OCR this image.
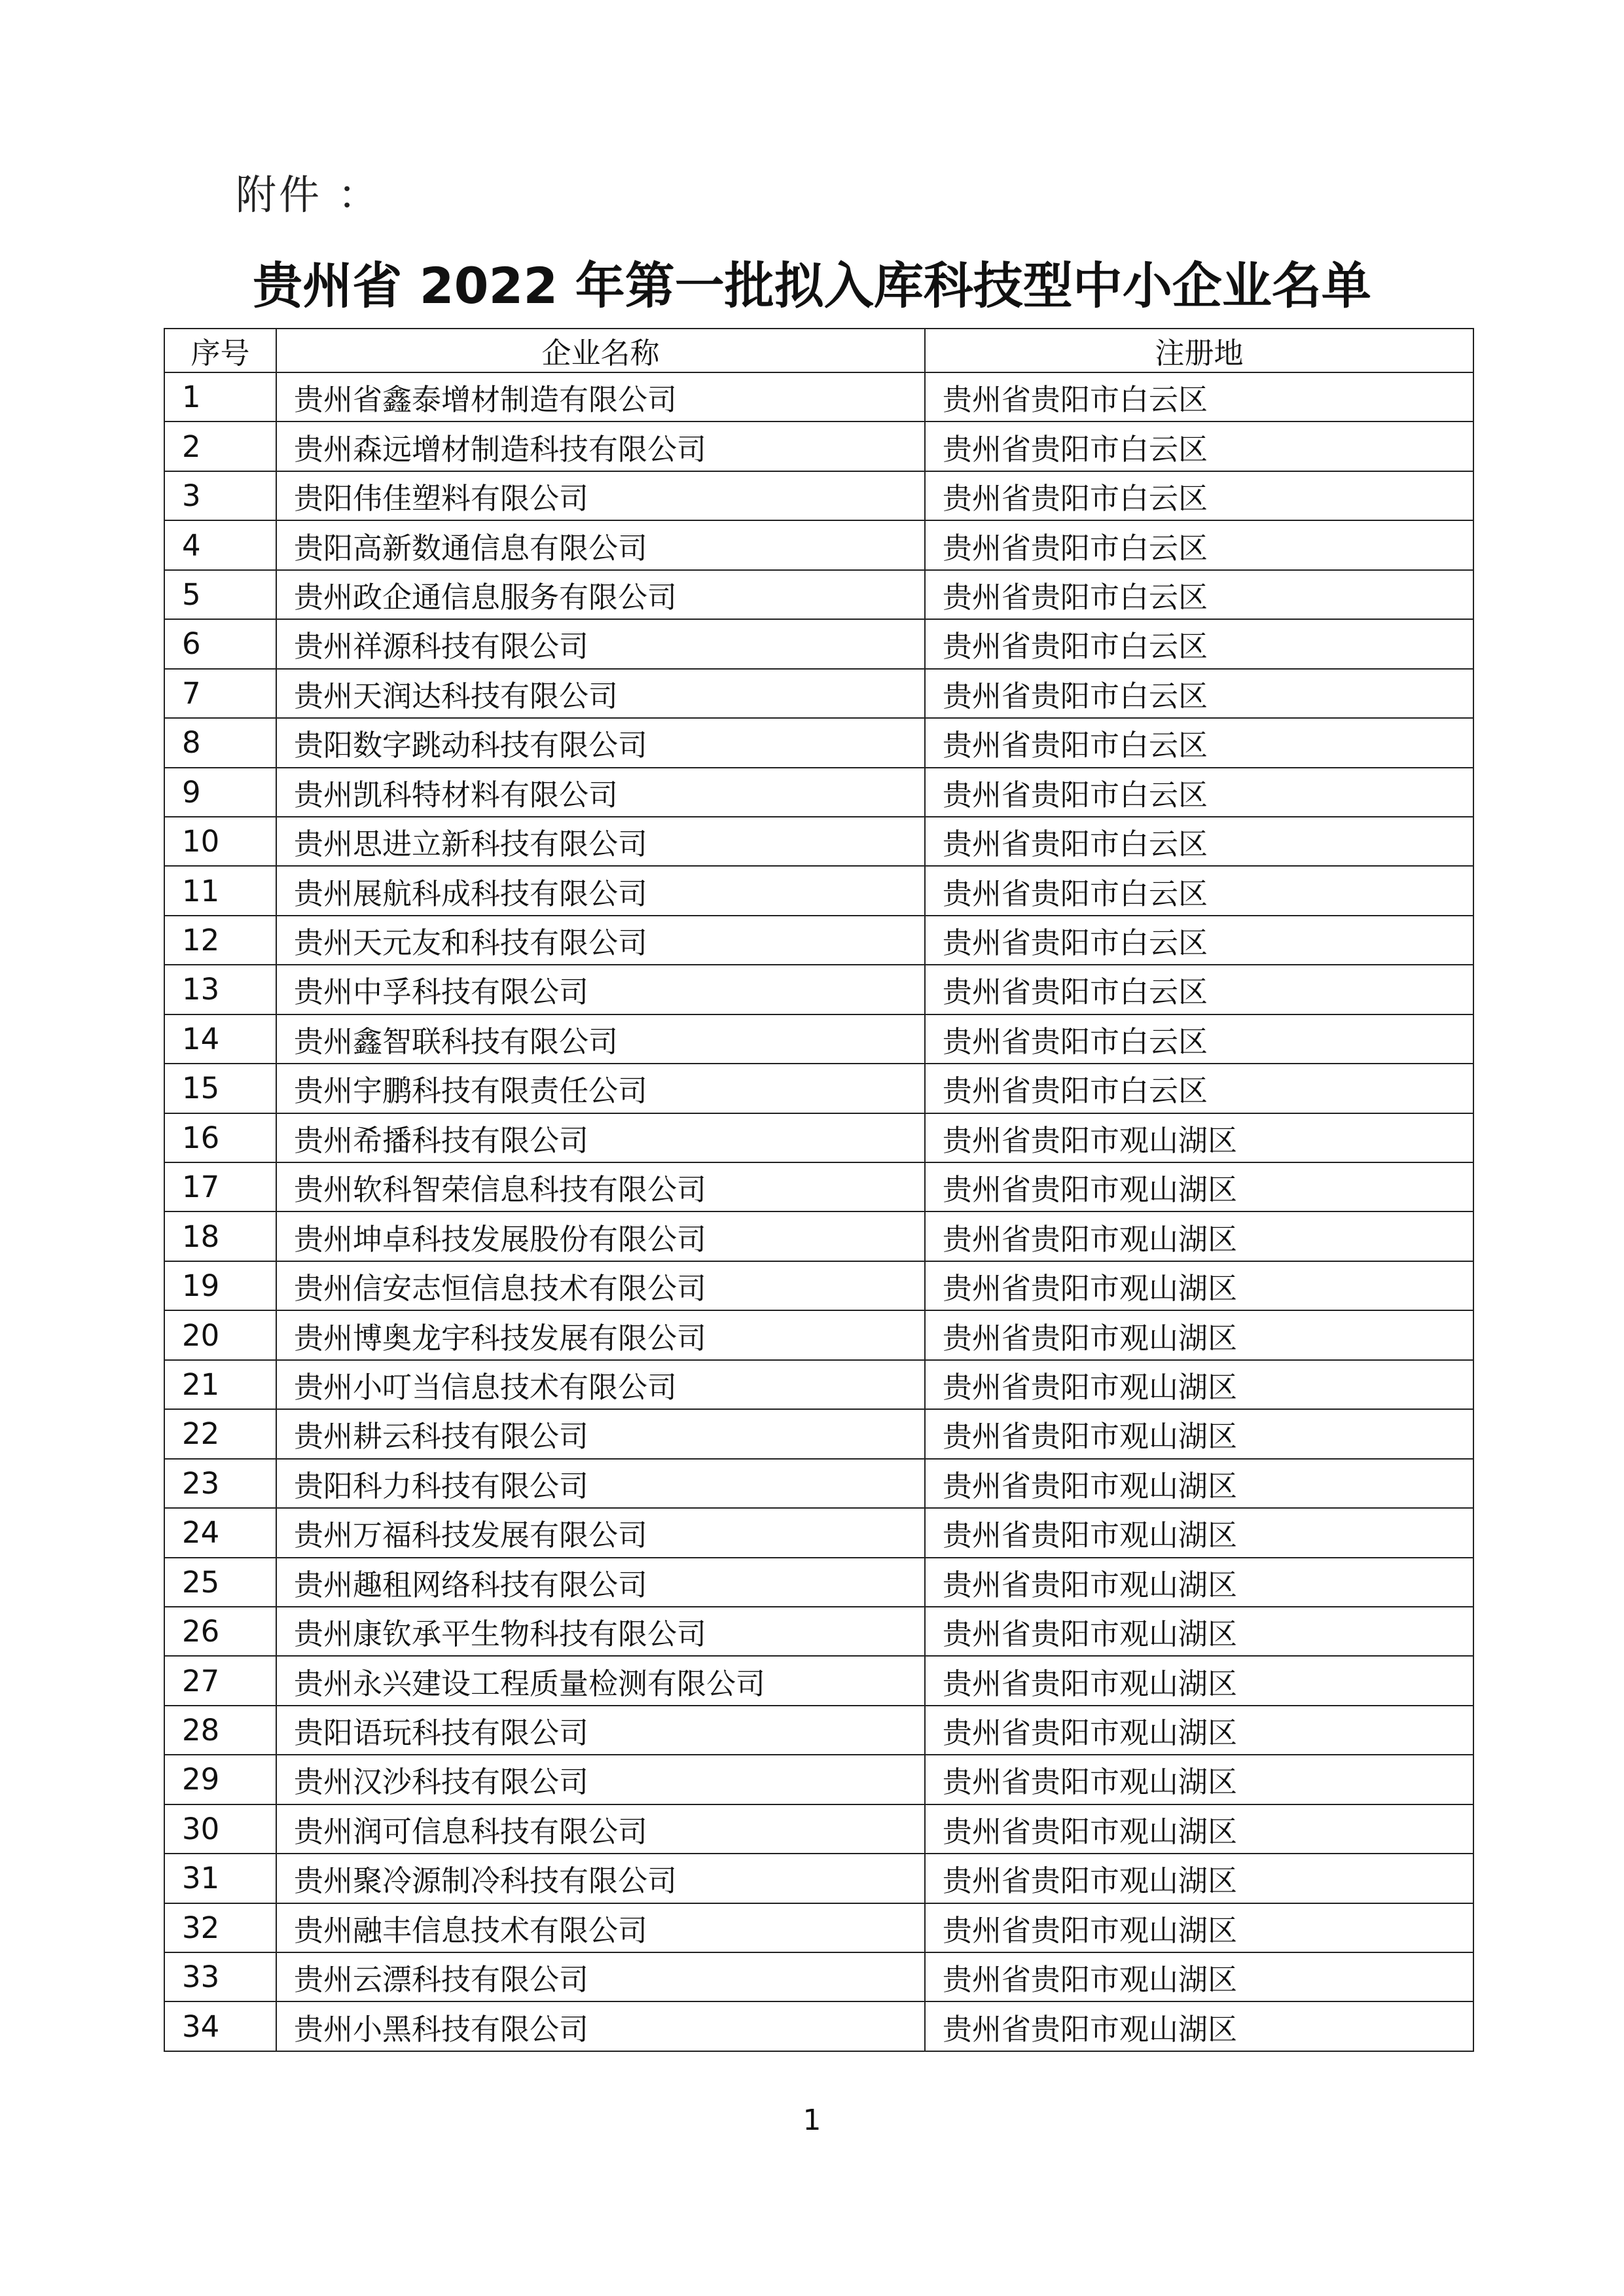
附件 ：
贵州省 2022 年第一批拟入库科技型中小企业名单
序号	企业名称	注册地
1	贵州省鑫泰增材制造有限公司	贵州省贵阳市白云区
2	贵州森远增材制造科技有限公司	贵州省贵阳市白云区
3	贵阳伟佳塑料有限公司	贵州省贵阳市白云区
4	贵阳高新数通信息有限公司	贵州省贵阳市白云区
5	贵州政企通信息服务有限公司	贵州省贵阳市白云区
6	贵州祥源科技有限公司	贵州省贵阳市白云区
7	贵州天润达科技有限公司	贵州省贵阳市白云区
8	贵阳数字跳动科技有限公司	贵州省贵阳市白云区
9	贵州凯科特材料有限公司	贵州省贵阳市白云区
10	贵州思进立新科技有限公司	贵州省贵阳市白云区
11	贵州展航科成科技有限公司	贵州省贵阳市白云区
12	贵州天元友和科技有限公司	贵州省贵阳市白云区
13	贵州中孚科技有限公司	贵州省贵阳市白云区
14	贵州鑫智联科技有限公司	贵州省贵阳市白云区
15	贵州宇鹏科技有限责任公司	贵州省贵阳市白云区
16	贵州希播科技有限公司	贵州省贵阳市观山湖区
17	贵州软科智荣信息科技有限公司	贵州省贵阳市观山湖区
18	贵州坤卓科技发展股份有限公司	贵州省贵阳市观山湖区
19	贵州信安志恒信息技术有限公司	贵州省贵阳市观山湖区
20	贵州博奥龙宇科技发展有限公司	贵州省贵阳市观山湖区
21	贵州小叮当信息技术有限公司	贵州省贵阳市观山湖区
22	贵州耕云科技有限公司	贵州省贵阳市观山湖区
23	贵阳科力科技有限公司	贵州省贵阳市观山湖区
24	贵州万福科技发展有限公司	贵州省贵阳市观山湖区
25	贵州趣租网络科技有限公司	贵州省贵阳市观山湖区
26	贵州康钦承平生物科技有限公司	贵州省贵阳市观山湖区
27	贵州永兴建设工程质量检测有限公司	贵州省贵阳市观山湖区
28	贵阳语玩科技有限公司	贵州省贵阳市观山湖区
29	贵州汉沙科技有限公司	贵州省贵阳市观山湖区
30	贵州润可信息科技有限公司	贵州省贵阳市观山湖区
31	贵州聚冷源制冷科技有限公司	贵州省贵阳市观山湖区
32	贵州融丰信息技术有限公司	贵州省贵阳市观山湖区
33	贵州云漂科技有限公司	贵州省贵阳市观山湖区
34	贵州小黑科技有限公司	贵州省贵阳市观山湖区
1
